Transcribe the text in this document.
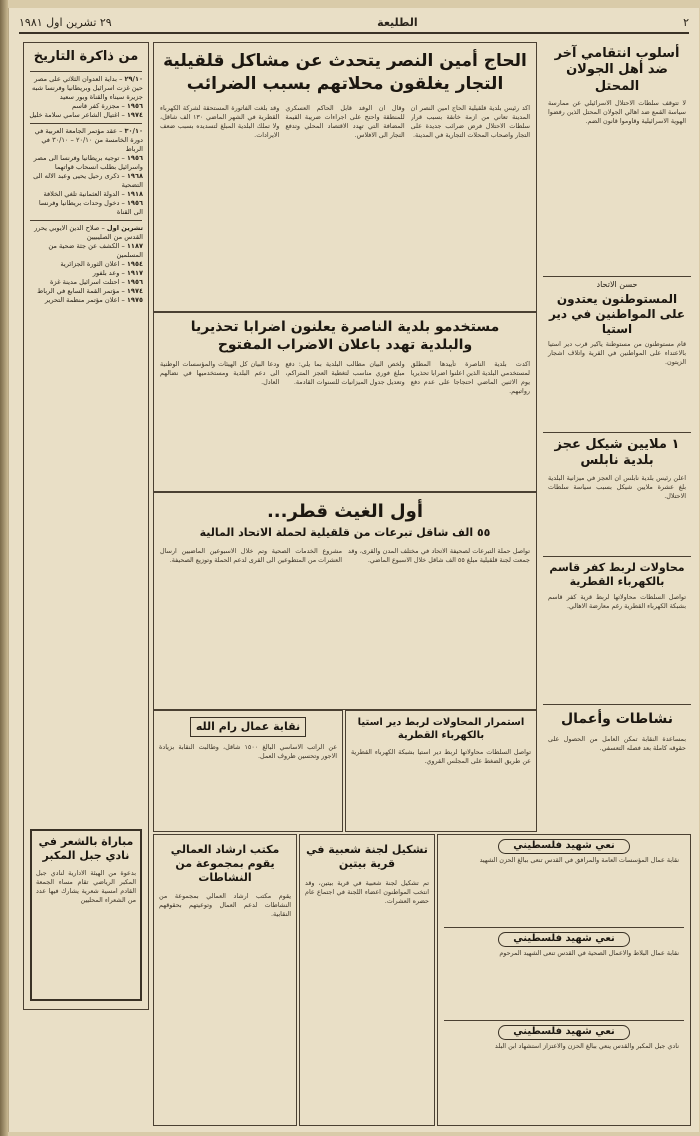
٢
الطليعة
٢٩ تشرين اول ١٩٨١
أسلوب انتقامي آخر ضد أهل الجولان المحتل
لا تتوقف سلطات الاحتلال الاسرائيلي عن ممارسة سياسة القمع ضد اهالي الجولان المحتل الذين رفضوا الهوية الاسرائيلية وقاوموا قانون الضم.
حسن الاتحاد
المستوطنون يعتدون على المواطنين في دير استيا
قام مستوطنون من مستوطنة ياكير قرب دير استيا بالاعتداء على المواطنين في القرية واتلاف اشجار الزيتون.
١ ملايين شيكل عجز بلدية نابلس
اعلن رئيس بلدية نابلس ان العجز في ميزانية البلدية بلغ عشرة ملايين شيكل بسبب سياسة سلطات الاحتلال.
محاولات لربط كفر قاسم بالكهرباء القطرية
تواصل السلطات محاولاتها لربط قرية كفر قاسم بشبكة الكهرباء القطرية رغم معارضة الاهالي.
نشاطات وأعمال
بمساعدة النقابة تمكن العامل من الحصول على حقوقه كاملة بعد فصله التعسفي.
الحاج أمين النصر يتحدث عن مشاكل قلقيلية
التجار يغلقون محلاتهم بسبب الضرائب
اكد رئيس بلدية قلقيلية الحاج امين النصر ان المدينة تعاني من ازمة خانقة بسبب قرار سلطات الاحتلال فرض ضرائب جديدة على التجار واصحاب المحلات التجارية في المدينة.
وقال ان الوفد قابل الحاكم العسكري للمنطقة واحتج على اجراءات ضريبة القيمة المضافة التي تهدد الاقتصاد المحلي وتدفع التجار الى الافلاس.
وقد بلغت الفاتورة المستحقة لشركة الكهرباء القطرية في الشهر الماضي ١٣٠ الف شاقل، ولا تملك البلدية المبلغ لتسديده بسبب ضعف الايرادات.
مستخدمو بلدية الناصرة يعلنون اضرابا تحذيريا والبلدية تهدد باعلان الاضراب المفتوح
اكدت بلدية الناصرة تأييدها المطلق لمستخدمي البلدية الذين اعلنوا اضرابا تحذيريا يوم الاثنين الماضي احتجاجا على عدم دفع رواتبهم.
ولخص البيان مطالب البلدية بما يلي: دفع مبلغ فوري مناسب لتغطية العجز المتراكم، وتعديل جدول الميزانيات للسنوات القادمة.
ودعا البيان كل الهيئات والمؤسسات الوطنية الى دعم البلدية ومستخدميها في نضالهم العادل.
أول الغيث قطر...
٥٥ الف شاقل تبرعات من قلقيلية لحملة الاتحاد المالية
تواصل حملة التبرعات لصحيفة الاتحاد في مختلف المدن والقرى، وقد جمعت لجنة قلقيلية مبلغ ٥٥ الف شاقل خلال الاسبوع الماضي.
مشروع الخدمات الصحية وتم خلال الاسبوعين الماضيين ارسال العشرات من المتطوعين الى القرى لدعم الحملة وتوزيع الصحيفة.
من ذاكرة التاريخ
٢٩/١٠ – بداية العدوان الثلاثي على مصر حين غزت اسرائيل وبريطانيا وفرنسا شبه جزيرة سيناء والقناة وبور سعيد
١٩٥٦ – مجزرة كفر قاسم
١٩٧٤ – اغتيال الشاعر سامي سلامة خليل
٣٠/١٠ – عقد مؤتمر الجامعة العربية في دورة الخامسة من ٢٠/١٠ – ٣٠/١٠ في الرباط
١٩٥٦ – توجيه بريطانيا وفرنسا الى مصر واسرائيل بطلب انسحاب قواتهما
١٩٦٨ – ذكرى رحيل يحيى وعبد الاله الى التضحية
١٩١٨ – الدولة العثمانية تلغي الخلافة
١٩٥٦ – دخول وحدات بريطانيا وفرنسا الى القناة
تشرين اول – صلاح الدين الايوبي يحرر القدس من الصليبيين
١١٨٧ – الكشف عن جثة ضحية من المسلمين
١٩٥٤ – اعلان الثورة الجزائرية
١٩١٧ – وعد بلفور
١٩٥٦ – احتلت اسرائيل مدينة غزة
١٩٧٤ – مؤتمر القمة السابع في الرباط
١٩٧٥ – اعلان مؤتمر منظمة التحرير
مباراة بالشعر في نادي جبل المكبر
بدعوة من الهيئة الادارية لنادي جبل المكبر الرياضي تقام مساء الجمعة القادم امسية شعرية يشارك فيها عدد من الشعراء المحليين
استمرار المحاولات لربط دير استيا بالكهرباء القطرية
تواصل السلطات محاولاتها لربط دير استيا بشبكة الكهرباء القطرية عن طريق الضغط على المجلس القروي.
نقابة عمال رام الله
عن الراتب الاساسي البالغ ١٥٠٠ شاقل، وطالبت النقابة بزيادة الاجور وتحسين ظروف العمل.
نعي شهيد فلسطيني
نقابة عمال المؤسسات العامة والمرافق في القدس تنعى ببالغ الحزن الشهيد
نعي شهيد فلسطيني
نقابة عمال البلاط والاعمال الصحية في القدس تنعى الشهيد المرحوم
نعي شهيد فلسطيني
نادي جبل المكبر والقدس ينعي ببالغ الحزن والاعتزاز استشهاد ابن البلد
تشكيل لجنة شعبية في قرية بيتين
تم تشكيل لجنة شعبية في قرية بيتين، وقد انتخب المواطنون اعضاء اللجنة في اجتماع عام حضره العشرات.
مكتب ارشاد العمالي يقوم بمجموعة من النشاطات
يقوم مكتب ارشاد العمالي بمجموعة من النشاطات لدعم العمال وتوعيتهم بحقوقهم النقابية.
